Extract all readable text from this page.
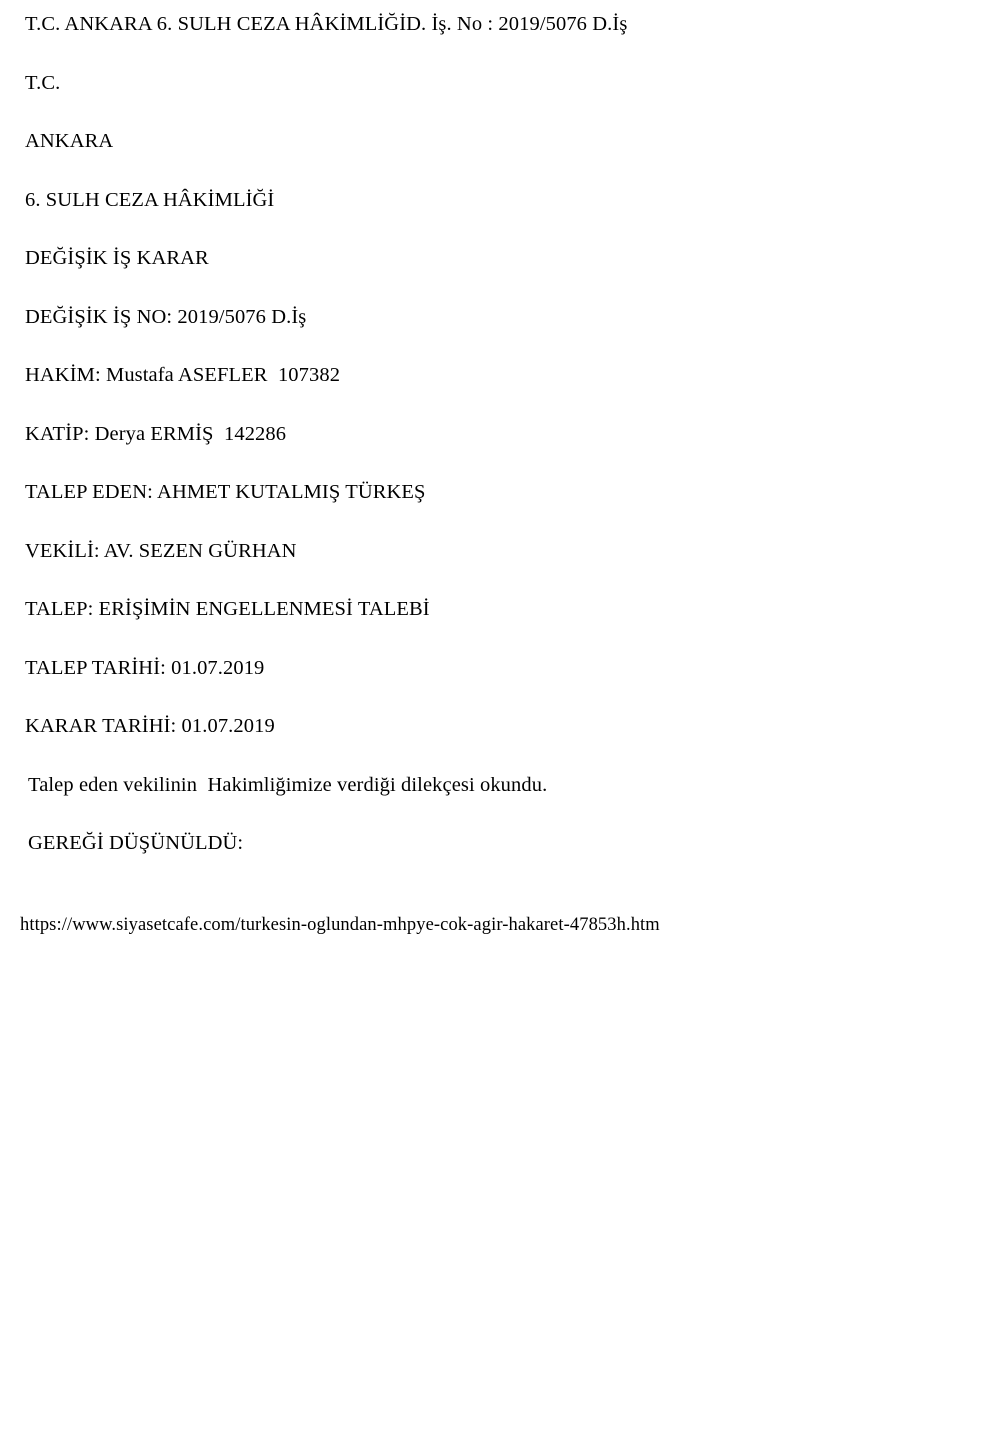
T.C. ANKARA 6. SULH CEZA HÂKİMLİĞİD. İş. No : 2019/5076 D.İş

T.C.

ANKARA

6. SULH CEZA HÂKİMLİĞİ

DEĞİŞİK İŞ KARAR

DEĞİŞİK İŞ NO: 2019/5076 D.İş

HAKİM: Mustafa ASEFLER  107382

KATİP: Derya ERMİŞ  142286

TALEP EDEN: AHMET KUTALMIŞ TÜRKEŞ

VEKİLİ: AV. SEZEN GÜRHAN

TALEP: ERİŞİMİN ENGELLENMESİ TALEBİ

TALEP TARİHİ: 01.07.2019

KARAR TARİHİ: 01.07.2019

Talep eden vekilinin  Hakimliğimize verdiği dilekçesi okundu.

GEREĞİ DÜŞÜNÜLDÜ:

https://www.siyasetcafe.com/turkesin-oglundan-mhpye-cok-agir-hakaret-47853h.htm
